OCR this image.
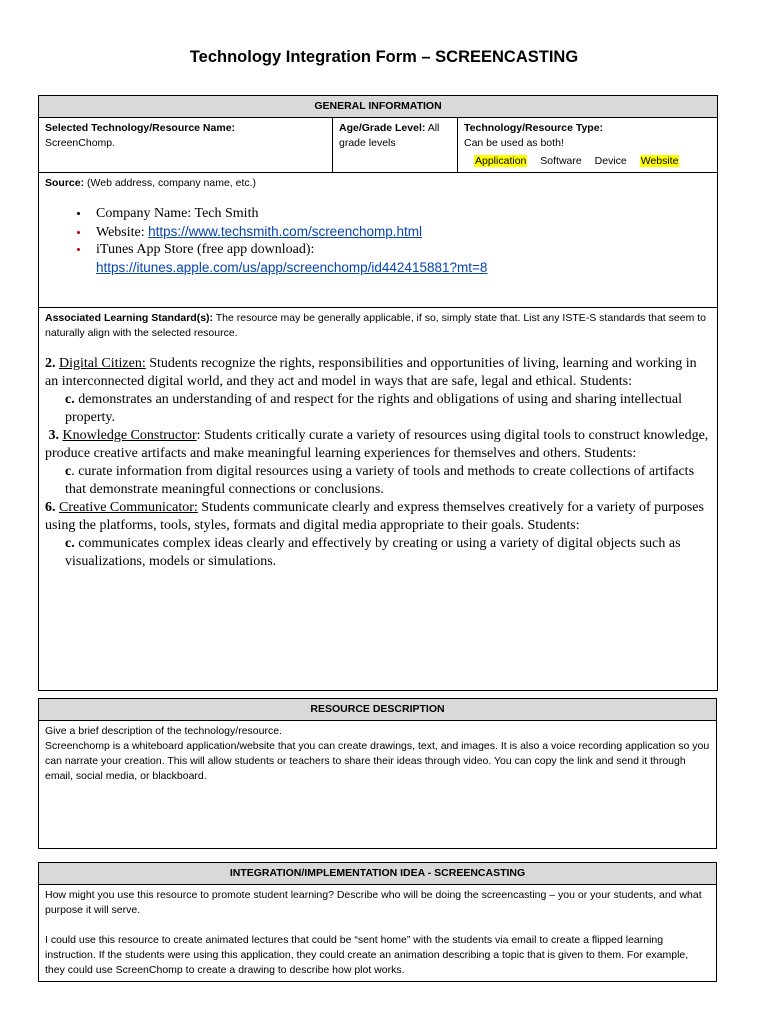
Technology Integration Form – SCREENCASTING
GENERAL INFORMATION

Selected Technology/Resource Name:
ScreenChomp.
	Age/Grade Level: All grade levels	
Technology/Resource Type:
Can be used as both!
Application Software Device Website

Source: (Web address, company name, etc.)
• Company Name: Tech Smith
• Website: https://www.techsmith.com/screenchomp.html
• iTunes App Store (free app download): https://itunes.apple.com/us/app/screenchomp/id442415881?mt=8

Associated Learning Standard(s): The resource may be generally applicable, if so, simply state that. List any ISTE-S standards that seem to naturally align with the selected resource.
2. Digital Citizen: Students recognize the rights, responsibilities and opportunities of living, learning and working in an interconnected digital world, and they act and model in ways that are safe, legal and ethical. Students:
c. demonstrates an understanding of and respect for the rights and obligations of using and sharing intellectual property.
3. Knowledge Constructor: Students critically curate a variety of resources using digital tools to construct knowledge, produce creative artifacts and make meaningful learning experiences for themselves and others. Students:
c. curate information from digital resources using a variety of tools and methods to create collections of artifacts that demonstrate meaningful connections or conclusions.
6. Creative Communicator: Students communicate clearly and express themselves creatively for a variety of purposes using the platforms, tools, styles, formats and digital media appropriate to their goals. Students:
c. communicates complex ideas clearly and effectively by creating or using a variety of digital objects such as visualizations, models or simulations.
RESOURCE DESCRIPTION

Give a brief description of the technology/resource.
Screenchomp is a whiteboard application/website that you can create drawings, text, and images. It is also a voice recording application so you can narrate your creation. This will allow students or teachers to share their ideas through video. You can copy the link and send it through email, social media, or blackboard.
INTEGRATION/IMPLEMENTATION IDEA - SCREENCASTING

How might you use this resource to promote student learning? Describe who will be doing the screencasting – you or your students, and what purpose it will serve.
I could use this resource to create animated lectures that could be “sent home” with the students via email to create a flipped learning instruction. If the students were using this application, they could create an animation describing a topic that is given to them. For example, they could use ScreenChomp to create a drawing to describe how plot works.
